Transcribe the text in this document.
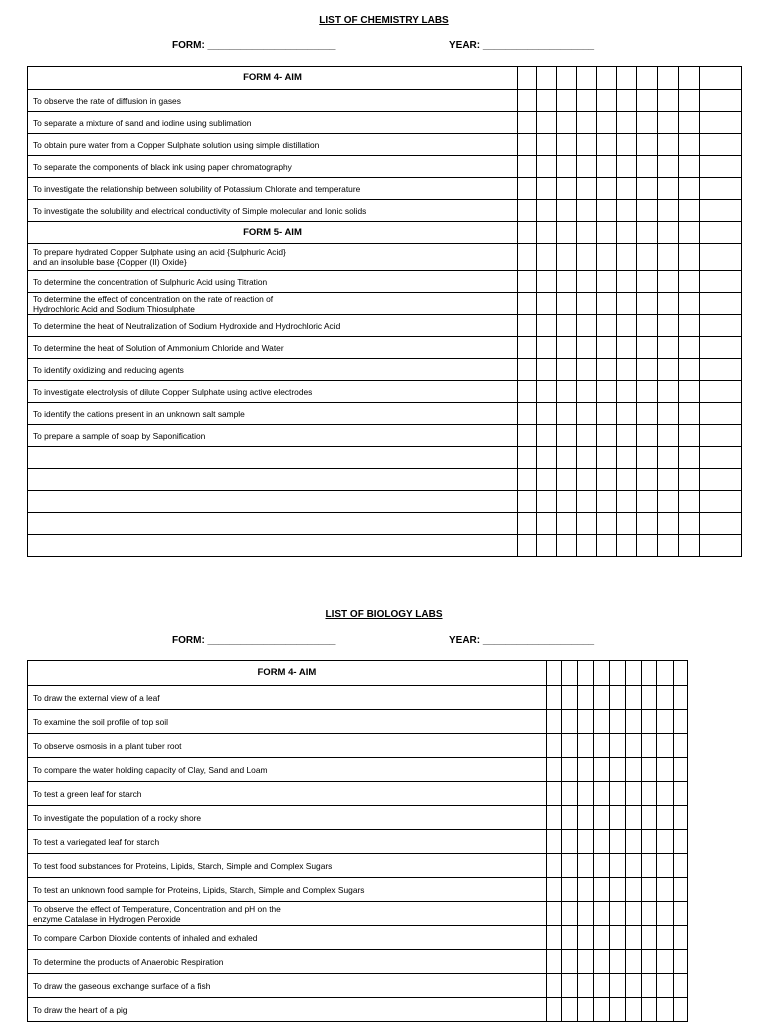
LIST OF CHEMISTRY LABS
FORM: _______________________	YEAR: ____________________
FORM 4- AIM										
To observe the rate of diffusion in gases										
To separate a mixture of sand and iodine using sublimation										
To obtain pure water from a Copper Sulphate solution using simple distillation										
To separate the components of black ink using paper chromatography										
To investigate the relationship between solubility of Potassium Chlorate and temperature										
To investigate the solubility and electrical conductivity of Simple molecular and Ionic solids										
FORM 5- AIM										
To prepare hydrated Copper Sulphate using an acid {Sulphuric Acid}
and an insoluble base {Copper (II) Oxide}										

To determine the concentration of Sulphuric Acid using Titration										
To determine the effect of concentration on the rate of reaction of
Hydrochloric Acid and Sodium Thiosulphate										

To determine the heat of Neutralization of Sodium Hydroxide and Hydrochloric Acid										
To determine the heat of Solution of Ammonium Chloride and Water										
To identify oxidizing and reducing agents										
To investigate electrolysis of dilute Copper Sulphate using active electrodes										
To identify the cations present in an unknown salt sample										
To prepare a sample of soap by Saponification										

LIST OF BIOLOGY LABS
FORM: _______________________	YEAR: ____________________
FORM 4- AIM									
To draw the external view of a leaf									
To examine the soil profile of top soil									
To observe osmosis in a plant tuber root									
To compare the water holding capacity of Clay, Sand and Loam									
To test a green leaf for starch									
To investigate the population of a rocky shore									
To test a variegated leaf for starch									
To test food substances for Proteins, Lipids, Starch, Simple and Complex Sugars									
To test an unknown food sample for Proteins, Lipids, Starch, Simple and Complex Sugars									
To observe the effect of Temperature, Concentration and pH on the
enzyme Catalase in Hydrogen Peroxide									

To compare Carbon Dioxide contents of inhaled and exhaled									
To determine the products of Anaerobic Respiration									
To draw the gaseous exchange surface of a fish									
To draw the heart of a pig									
